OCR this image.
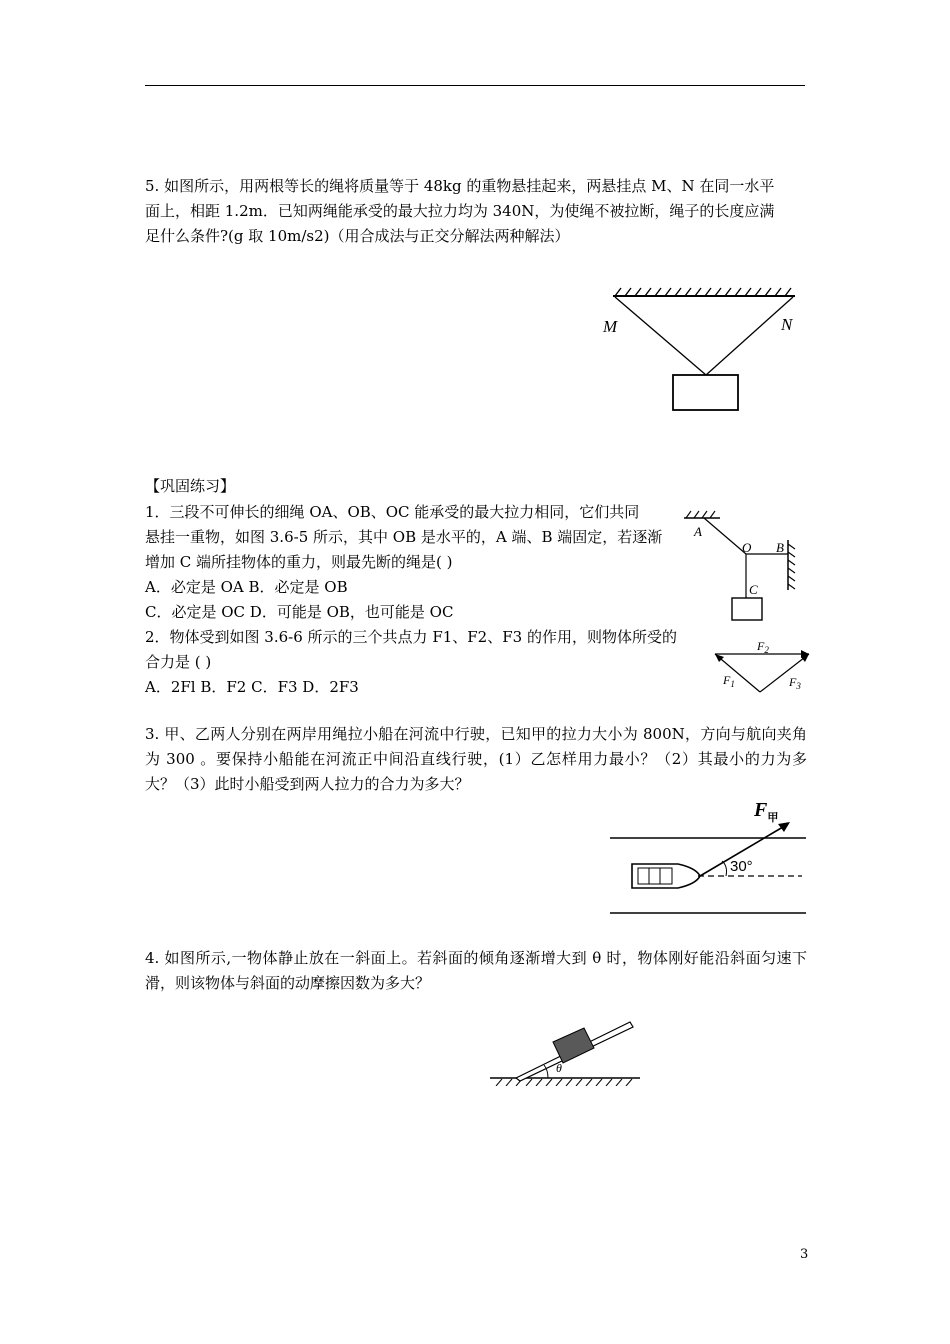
5. 如图所示，用两根等长的绳将质量等于 48kg 的重物悬挂起来，两悬挂点 M、N 在同一水平
面上，相距 1.2m．已知两绳能承受的最大拉力均为 340N，为使绳不被拉断，绳子的长度应满
足什么条件?(g 取 10m/s2)（用合成法与正交分解法两种解法）

M	N
【巩固练习】
1．三段不可伸长的细绳 OA、OB、OC 能承受的最大拉力相同，它们共同
悬挂一重物，如图 3.6-5 所示，其中 OB 是水平的，A 端、B 端固定，若逐渐
增加 C 端所挂物体的重力，则最先断的绳是( )
A．必定是 OA B．必定是 OB
C．必定是 OC D．可能是 OB，也可能是 OC
A
O B
C
2．物体受到如图 3.6-6 所示的三个共点力 F1、F2、F3 的作用，则物体所受的
合力是 ( )
A．2Fl B．F2 C．F3 D．2F3
$F_2$
$F_1$	$F_3$

3. 甲、乙两人分别在两岸用绳拉小船在河流中行驶，已知甲的拉力大小为 800N，方向与航向夹角为 300 。要保持小船能在河流正中间沿直线行驶，(1）乙怎样用力最小？（2）其最小的力为多大？（3）此时小船受到两人拉力的合力为多大？

$F_甲$
30°

4. 如图所示,一物体静止放在一斜面上。若斜面的倾角逐渐增大到 θ 时，物体刚好能沿斜面匀速下滑，则该物体与斜面的动摩擦因数为多大？

θ
3
